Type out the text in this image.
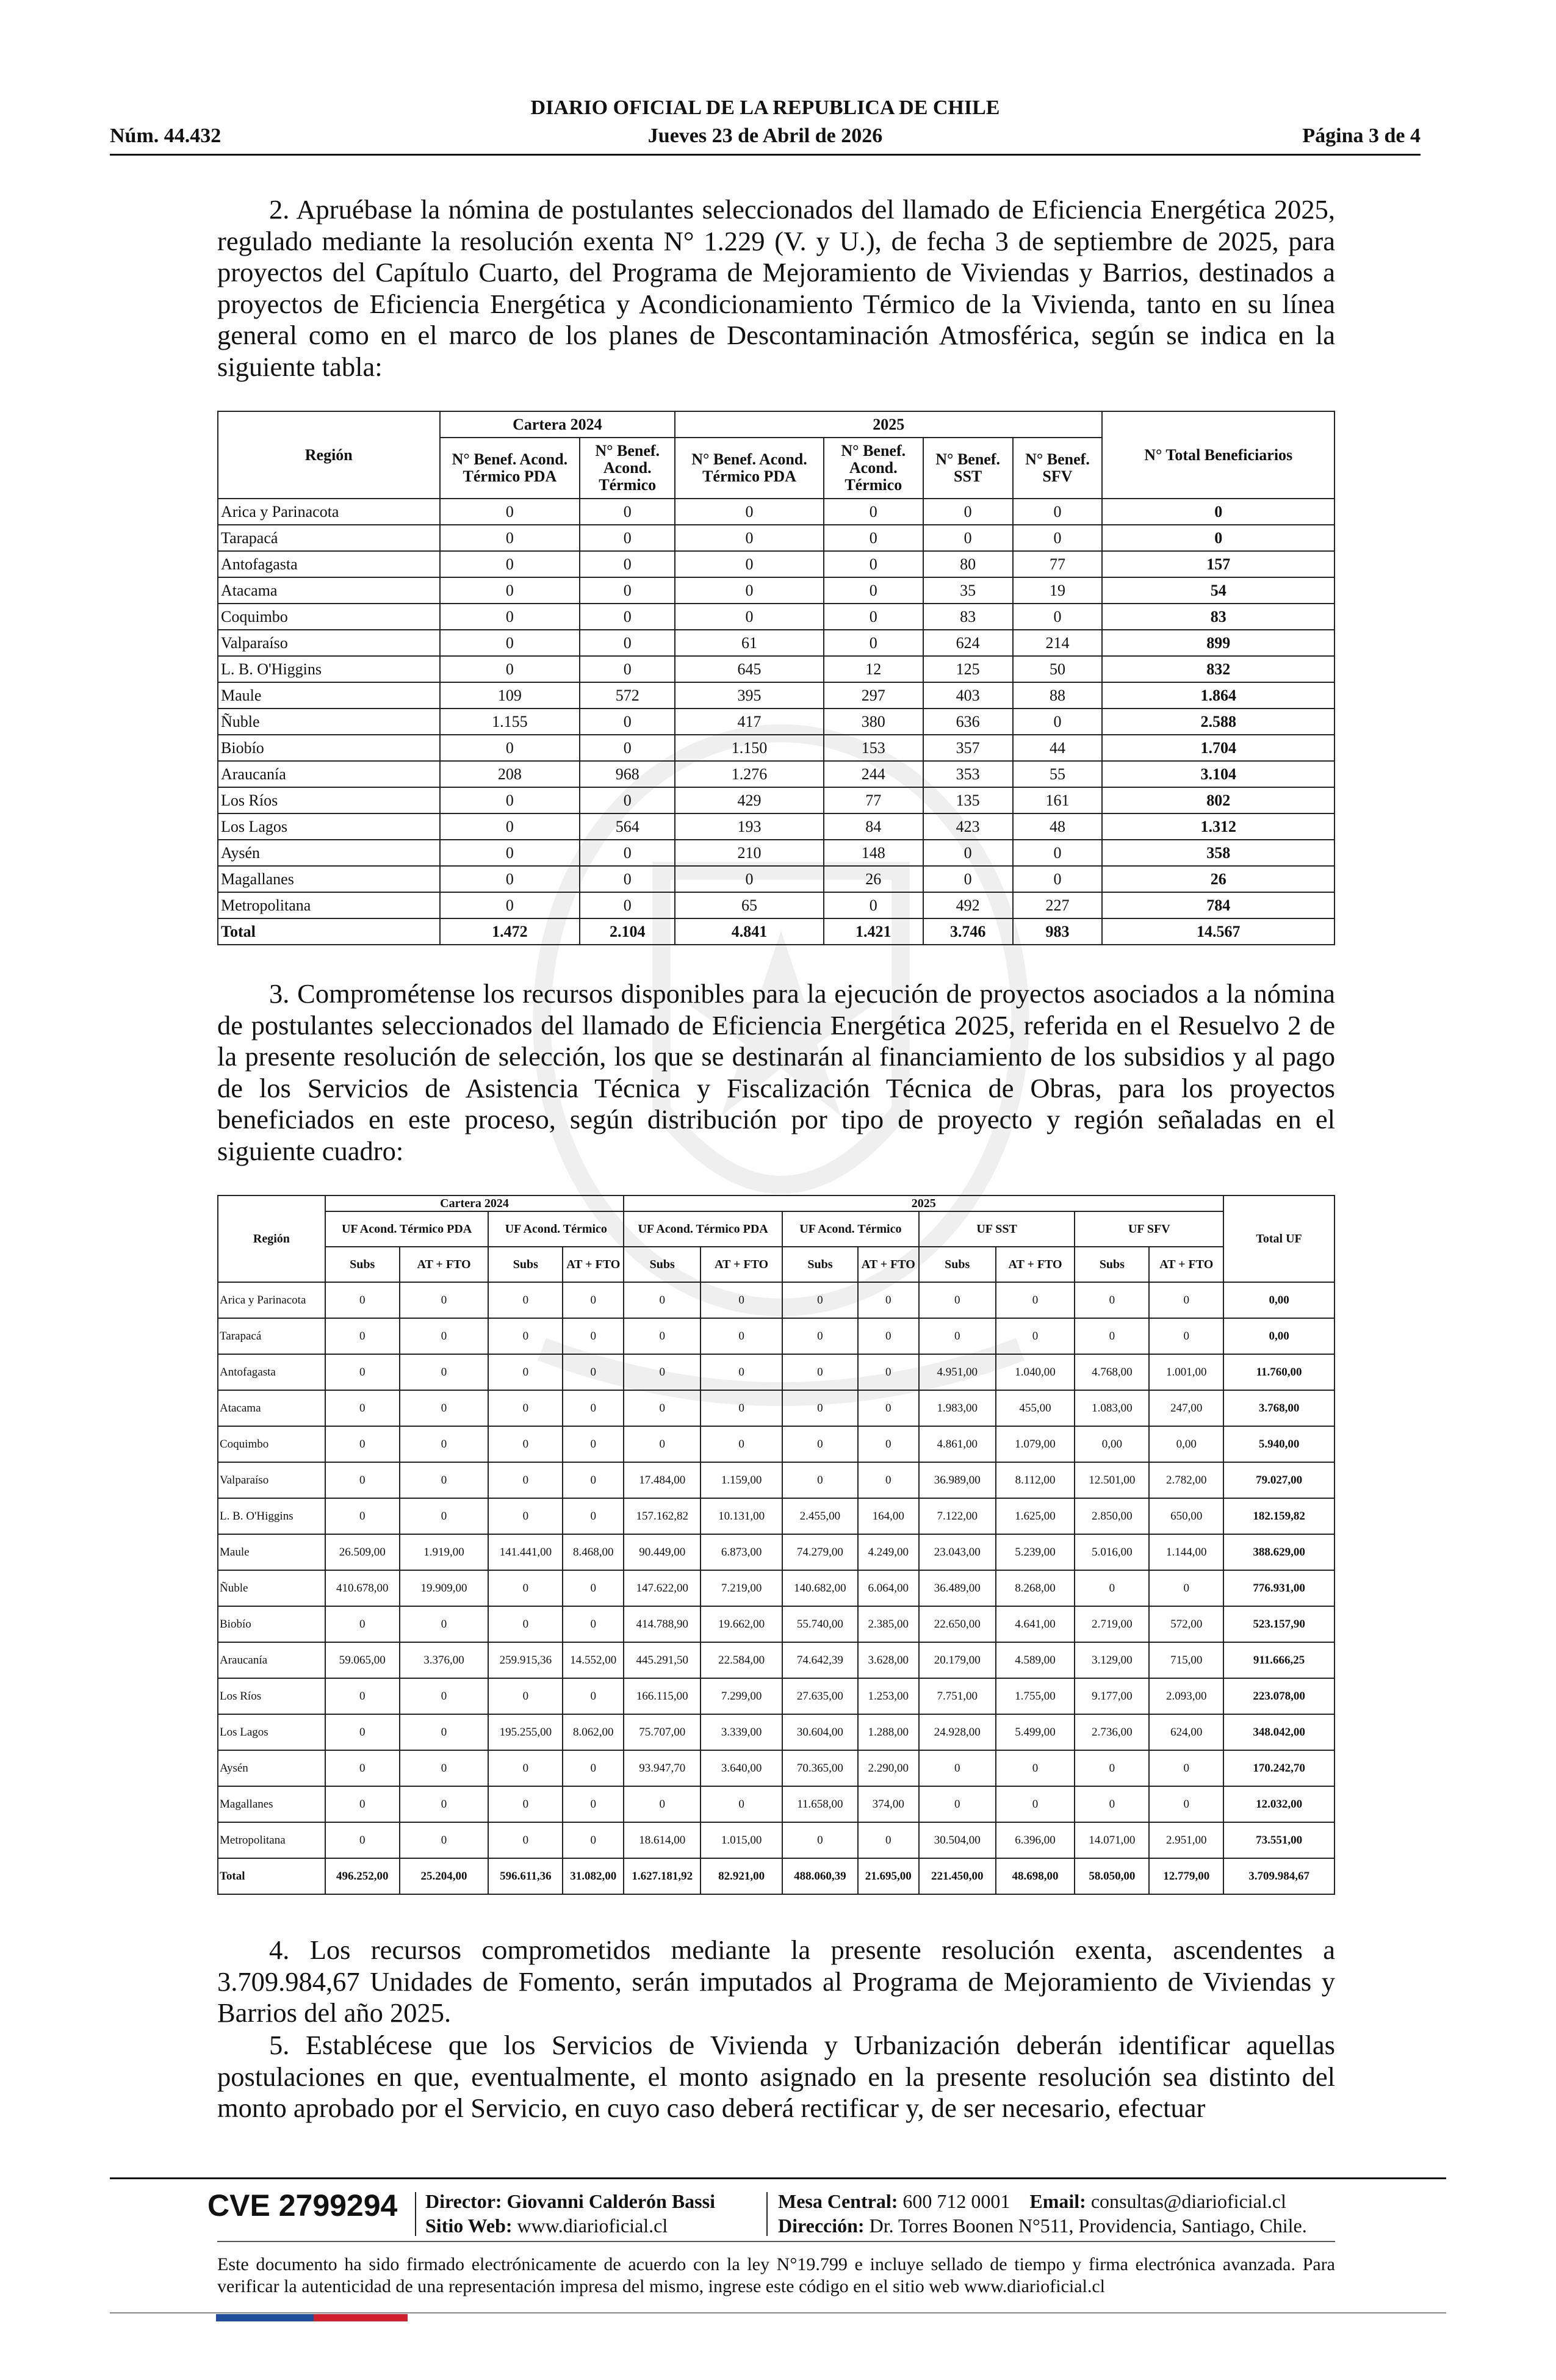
Núm. 44.432
DIARIO OFICIAL DE LA REPUBLICA DE CHILE
Jueves 23 de Abril de 2026	Página 3 de 4
2. Apruébase la nómina de postulantes seleccionados del llamado de Eficiencia Energética 2025, regulado mediante la resolución exenta N° 1.229 (V. y U.), de fecha 3 de septiembre de 2025, para proyectos del Capítulo Cuarto, del Programa de Mejoramiento de Viviendas y Barrios, destinados a proyectos de Eficiencia Energética y Acondicionamiento Térmico de la Vivienda, tanto en su línea general como en el marco de los planes de Descontaminación Atmosférica, según se indica en la siguiente tabla:
Región	Cartera 2024		2025				N° Total Beneficiarios
	N° Benef. Acond. Térmico PDA	N° Benef. Acond. Térmico	N° Benef. Acond. Térmico PDA	N° Benef. Acond. Térmico	N° Benef. SST	N° Benef. SFV	
Arica y Parinacota	0	0	0	0	0	0	0
Tarapacá	0	0	0	0	0	0	0
Antofagasta	0	0	0	0	80	77	157
Atacama	0	0	0	0	35	19	54
Coquimbo	0	0	0	0	83	0	83
Valparaíso	0	0	61	0	624	214	899
L. B. O'Higgins	0	0	645	12	125	50	832
Maule	109	572	395	297	403	88	1.864
Ñuble	1.155	0	417	380	636	0	2.588
Biobío	0	0	1.150	153	357	44	1.704
Araucanía	208	968	1.276	244	353	55	3.104
Los Ríos	0	0	429	77	135	161	802
Los Lagos	0	564	193	84	423	48	1.312
Aysén	0	0	210	148	0	0	358
Magallanes	0	0	0	26	0	0	26
Metropolitana	0	0	65	0	492	227	784
Total	1.472	2.104	4.841	1.421	3.746	983	14.567
3. Comprométense los recursos disponibles para la ejecución de proyectos asociados a la nómina de postulantes seleccionados del llamado de Eficiencia Energética 2025, referida en el Resuelvo 2 de la presente resolución de selección, los que se destinarán al financiamiento de los subsidios y al pago de los Servicios de Asistencia Técnica y Fiscalización Técnica de Obras, para los proyectos beneficiados en este proceso, según distribución por tipo de proyecto y región señaladas en el siguiente cuadro:
Región	Cartera 2024				2025								Total UF
	UF Acond. Térmico PDA		UF Acond. Térmico		UF Acond. Térmico PDA		UF Acond. Térmico		UF SST		UF SFV		
	Subs	AT + FTO	Subs	AT + FTO	Subs	AT + FTO	Subs	AT + FTO	Subs	AT + FTO	Subs	AT + FTO	
Arica y Parinacota	0	0	0	0	0	0	0	0	0	0	0	0	0,00
Tarapacá	0	0	0	0	0	0	0	0	0	0	0	0	0,00
Antofagasta	0	0	0	0	0	0	0	0	4.951,00	1.040,00	4.768,00	1.001,00	11.760,00
Atacama	0	0	0	0	0	0	0	0	1.983,00	455,00	1.083,00	247,00	3.768,00
Coquimbo	0	0	0	0	0	0	0	0	4.861,00	1.079,00	0,00	0,00	5.940,00
Valparaíso	0	0	0	0	17.484,00	1.159,00	0	0	36.989,00	8.112,00	12.501,00	2.782,00	79.027,00
L. B. O'Higgins	0	0	0	0	157.162,82	10.131,00	2.455,00	164,00	7.122,00	1.625,00	2.850,00	650,00	182.159,82
Maule	26.509,00	1.919,00	141.441,00	8.468,00	90.449,00	6.873,00	74.279,00	4.249,00	23.043,00	5.239,00	5.016,00	1.144,00	388.629,00
Ñuble	410.678,00	19.909,00	0	0	147.622,00	7.219,00	140.682,00	6.064,00	36.489,00	8.268,00	0	0	776.931,00
Biobío	0	0	0	0	414.788,90	19.662,00	55.740,00	2.385,00	22.650,00	4.641,00	2.719,00	572,00	523.157,90
Araucanía	59.065,00	3.376,00	259.915,36	14.552,00	445.291,50	22.584,00	74.642,39	3.628,00	20.179,00	4.589,00	3.129,00	715,00	911.666,25
Los Ríos	0	0	0	0	166.115,00	7.299,00	27.635,00	1.253,00	7.751,00	1.755,00	9.177,00	2.093,00	223.078,00
Los Lagos	0	0	195.255,00	8.062,00	75.707,00	3.339,00	30.604,00	1.288,00	24.928,00	5.499,00	2.736,00	624,00	348.042,00
Aysén	0	0	0	0	93.947,70	3.640,00	70.365,00	2.290,00	0	0	0	0	170.242,70
Magallanes	0	0	0	0	0	0	11.658,00	374,00	0	0	0	0	12.032,00
Metropolitana	0	0	0	0	18.614,00	1.015,00	0	0	30.504,00	6.396,00	14.071,00	2.951,00	73.551,00
Total	496.252,00	25.204,00	596.611,36	31.082,00	1.627.181,92	82.921,00	488.060,39	21.695,00	221.450,00	48.698,00	58.050,00	12.779,00	3.709.984,67
4. Los recursos comprometidos mediante la presente resolución exenta, ascendentes a 3.709.984,67 Unidades de Fomento, serán imputados al Programa de Mejoramiento de Viviendas y Barrios del año 2025.
5. Establécese que los Servicios de Vivienda y Urbanización deberán identificar aquellas postulaciones en que, eventualmente, el monto asignado en la presente resolución sea distinto del monto aprobado por el Servicio, en cuyo caso deberá rectificar y, de ser necesario, efectuar
CVE 2799294 Director: Giovanni Calderón Bassi
Sitio Web: www.diarioficial.cl
Mesa Central: 600 712 0001 Email: consultas@diarioficial.cl
Dirección: Dr. Torres Boonen N°511, Providencia, Santiago, Chile.
Este documento ha sido firmado electrónicamente de acuerdo con la ley N°19.799 e incluye sellado de tiempo y firma electrónica avanzada. Para verificar la autenticidad de una representación impresa del mismo, ingrese este código en el sitio web www.diarioficial.cl
